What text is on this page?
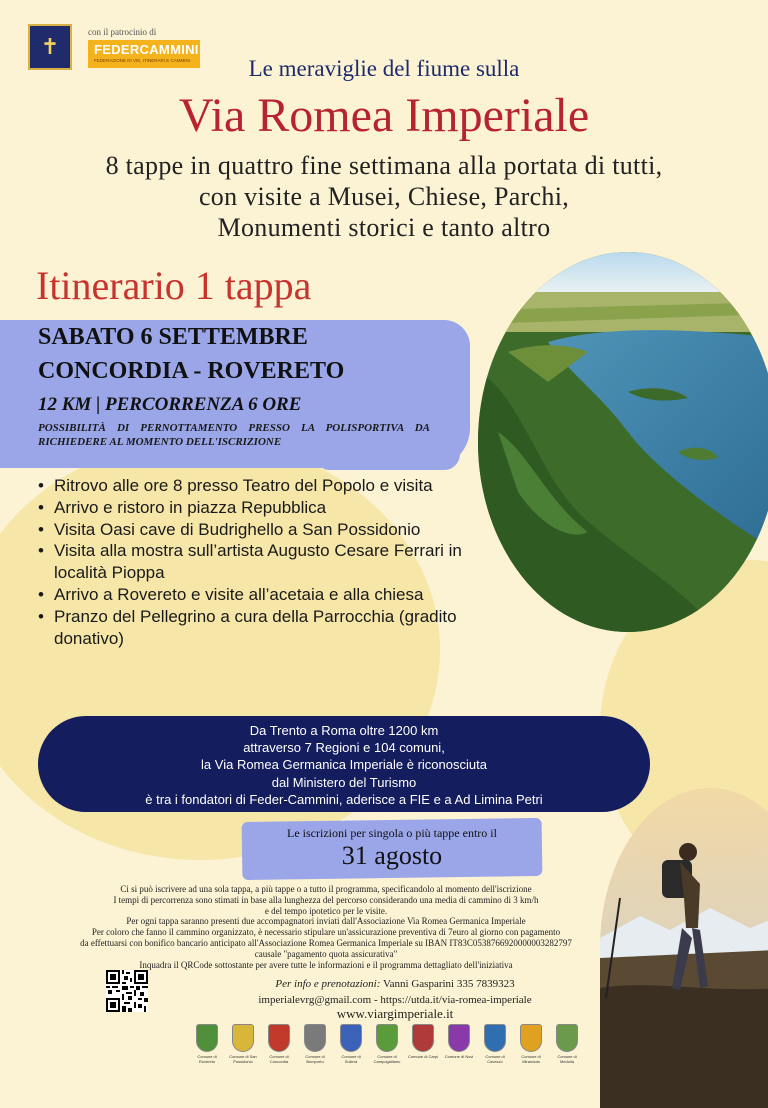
✝
con il patrocinio di
FEDERCAMMINI
FEDERAZIONE DI VIE, ITINERARI E CAMMINI	Le meraviglie del fiume sulla
Via Romea Imperiale
8 tappe in quattro fine settimana alla portata di tutti,
con visite a Musei, Chiese, Parchi,
Monumenti storici e tanto altro
Itinerario 1 tappa
SABATO 6 SETTEMBRE
CONCORDIA - ROVERETO
12 KM | PERCORRENZA 6 ORE
POSSIBILITÀ DI PERNOTTAMENTO PRESSO LA POLISPORTIVA DA RICHIEDERE AL MOMENTO DELL'ISCRIZIONE
• Ritrovo alle ore 8 presso Teatro del Popolo e visita
• Arrivo e ristoro in piazza Repubblica
• Visita Oasi cave di Budrighello a San Possidonio
• Visita alla mostra sull’artista Augusto Cesare Ferrari in località Pioppa
• Arrivo a Rovereto e visite all’acetaia e alla chiesa
• Pranzo del Pellegrino a cura della Parrocchia (gradito donativo)
Da Trento a Roma oltre 1200 km
attraverso 7 Regioni e 104 comuni,
la Via Romea Germanica Imperiale è riconosciuta
dal Ministero del Turismo
è tra i fondatori di Feder-Cammini, aderisce a FIE e a Ad Limina Petri
Le iscrizioni per singola o più tappe entro il
31 agosto
Ci si può iscrivere ad una sola tappa, a più tappe o a tutto il programma, specificandolo al momento dell'iscrizione
I tempi di percorrenza sono stimati in base alla lunghezza del percorso considerando una media di cammino di 3 km/h
e del tempo ipotetico per le visite.
Per ogni tappa saranno presenti due accompagnatori inviati dall'Associazione Via Romea Germanica Imperiale
Per coloro che fanno il cammino organizzato, è necessario stipulare un'assicurazione preventiva di 7euro al giorno con pagamento
da effettuarsi con bonifico bancario anticipato all'Associazione Romea Germanica Imperiale su IBAN IT83C0538766920000003282797
causale "pagamento quota assicurativa"
Inquadra il QRCode sottostante per avere tutte le informazioni e il programma dettagliato dell'iniziativa
Per info e prenotazioni: Vanni Gasparini 335 7839323
imperialevrg@gmail.com - https://utda.it/via-romea-imperiale
www.viargimperiale.it
Comune di Rovereto
Comune di San Possidonio
Comune di Concordia
Comune di Bomporto
Comune di Soliera
Comune di Campogalliano
Comune di Carpi Comune di Novi	Comune di Cavezzo
Comune di Mirandola
Comune di Medolla
